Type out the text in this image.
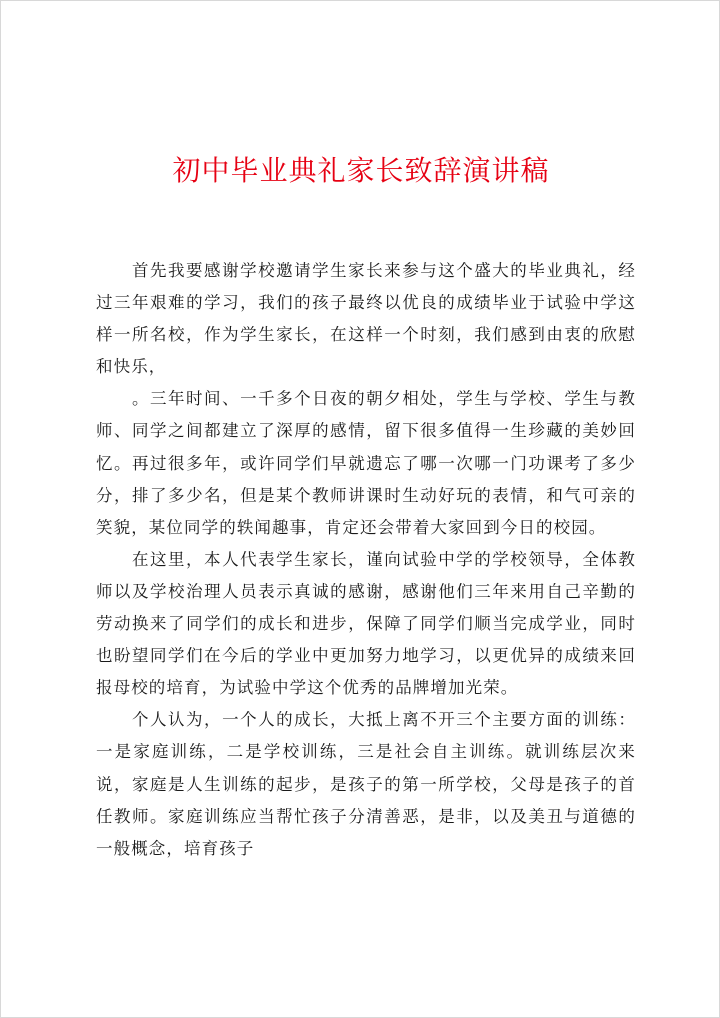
初中毕业典礼家长致辞演讲稿

首先我要感谢学校邀请学生家长来参与这个盛大的毕业典礼，经过三年艰难的学习，我们的孩子最终以优良的成绩毕业于试验中学这样一所名校，作为学生家长，在这样一个时刻，我们感到由衷的欣慰和快乐，

。三年时间、一千多个日夜的朝夕相处，学生与学校、学生与教师、同学之间都建立了深厚的感情，留下很多值得一生珍藏的美妙回忆。再过很多年，或许同学们早就遗忘了哪一次哪一门功课考了多少分，排了多少名，但是某个教师讲课时生动好玩的表情，和气可亲的笑貌，某位同学的轶闻趣事，肯定还会带着大家回到今日的校园。

在这里，本人代表学生家长，谨向试验中学的学校领导，全体教师以及学校治理人员表示真诚的感谢，感谢他们三年来用自己辛勤的劳动换来了同学们的成长和进步，保障了同学们顺当完成学业，同时也盼望同学们在今后的学业中更加努力地学习，以更优异的成绩来回报母校的培育，为试验中学这个优秀的品牌增加光荣。

个人认为，一个人的成长，大抵上离不开三个主要方面的训练：一是家庭训练，二是学校训练，三是社会自主训练。就训练层次来说，家庭是人生训练的起步，是孩子的第一所学校，父母是孩子的首任教师。家庭训练应当帮忙孩子分清善恶，是非，以及美丑与道德的一般概念，培育孩子
